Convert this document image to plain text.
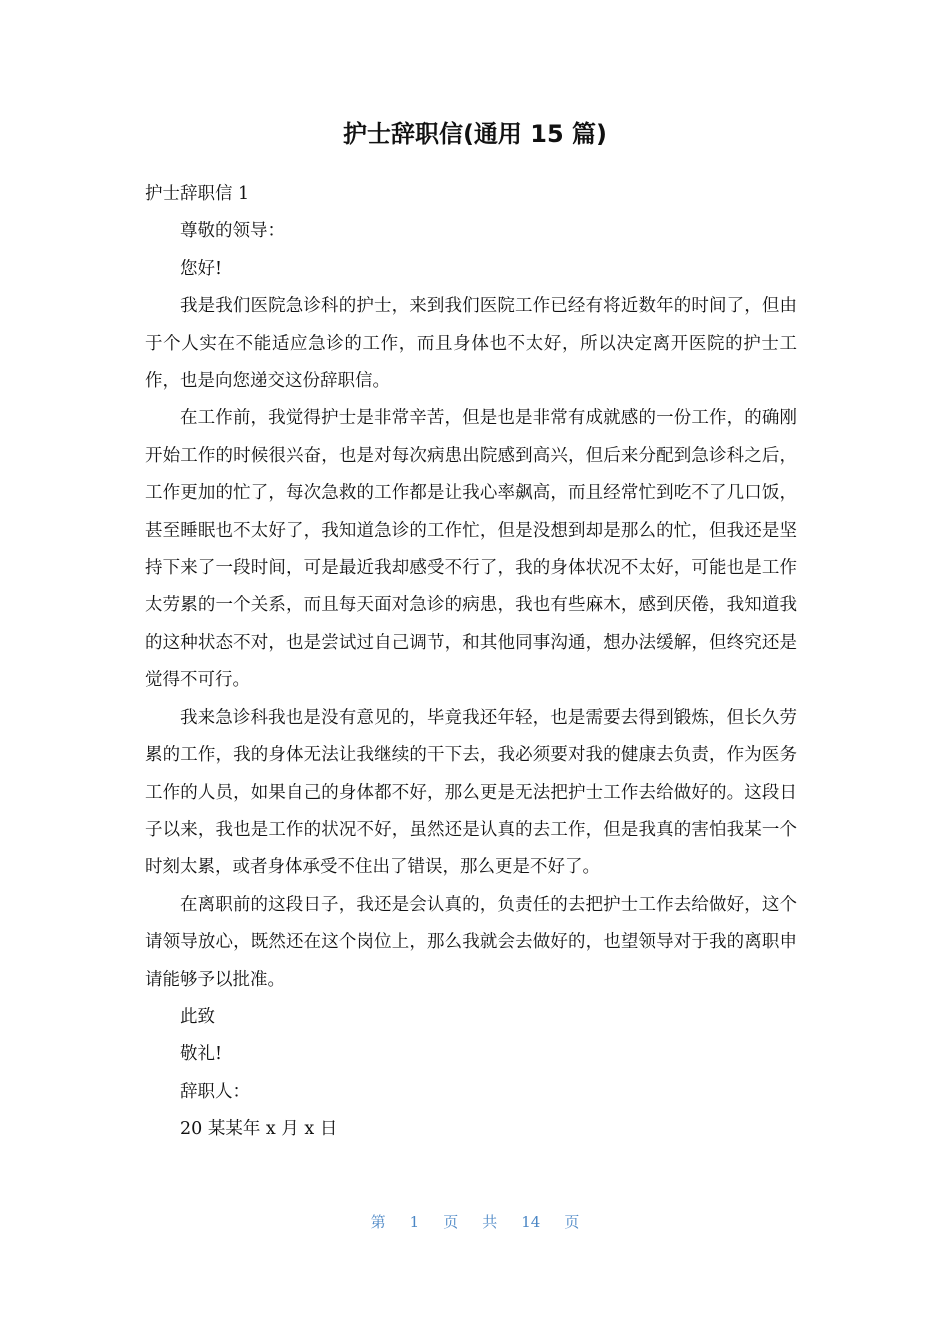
护士辞职信(通用 15 篇)

护士辞职信 1

尊敬的领导：

您好!

我是我们医院急诊科的护士，来到我们医院工作已经有将近数年的时间了，但由于个人实在不能适应急诊的工作，而且身体也不太好，所以决定离开医院的护士工作，也是向您递交这份辞职信。

在工作前，我觉得护士是非常辛苦，但是也是非常有成就感的一份工作，的确刚开始工作的时候很兴奋，也是对每次病患出院感到高兴，但后来分配到急诊科之后，工作更加的忙了，每次急救的工作都是让我心率飙高，而且经常忙到吃不了几口饭，甚至睡眠也不太好了，我知道急诊的工作忙，但是没想到却是那么的忙，但我还是坚持下来了一段时间，可是最近我却感受不行了，我的身体状况不太好，可能也是工作太劳累的一个关系，而且每天面对急诊的病患，我也有些麻木，感到厌倦，我知道我的这种状态不对，也是尝试过自己调节，和其他同事沟通，想办法缓解，但终究还是觉得不可行。

我来急诊科我也是没有意见的，毕竟我还年轻，也是需要去得到锻炼，但长久劳累的工作，我的身体无法让我继续的干下去，我必须要对我的健康去负责，作为医务工作的人员，如果自己的身体都不好，那么更是无法把护士工作去给做好的。这段日子以来，我也是工作的状况不好，虽然还是认真的去工作，但是我真的害怕我某一个时刻太累，或者身体承受不住出了错误，那么更是不好了。

在离职前的这段日子，我还是会认真的，负责任的去把护士工作去给做好，这个请领导放心，既然还在这个岗位上，那么我就会去做好的，也望领导对于我的离职申请能够予以批准。

此致

敬礼!

辞职人：

20 某某年 x 月 x 日

第 1 页 共 14 页
